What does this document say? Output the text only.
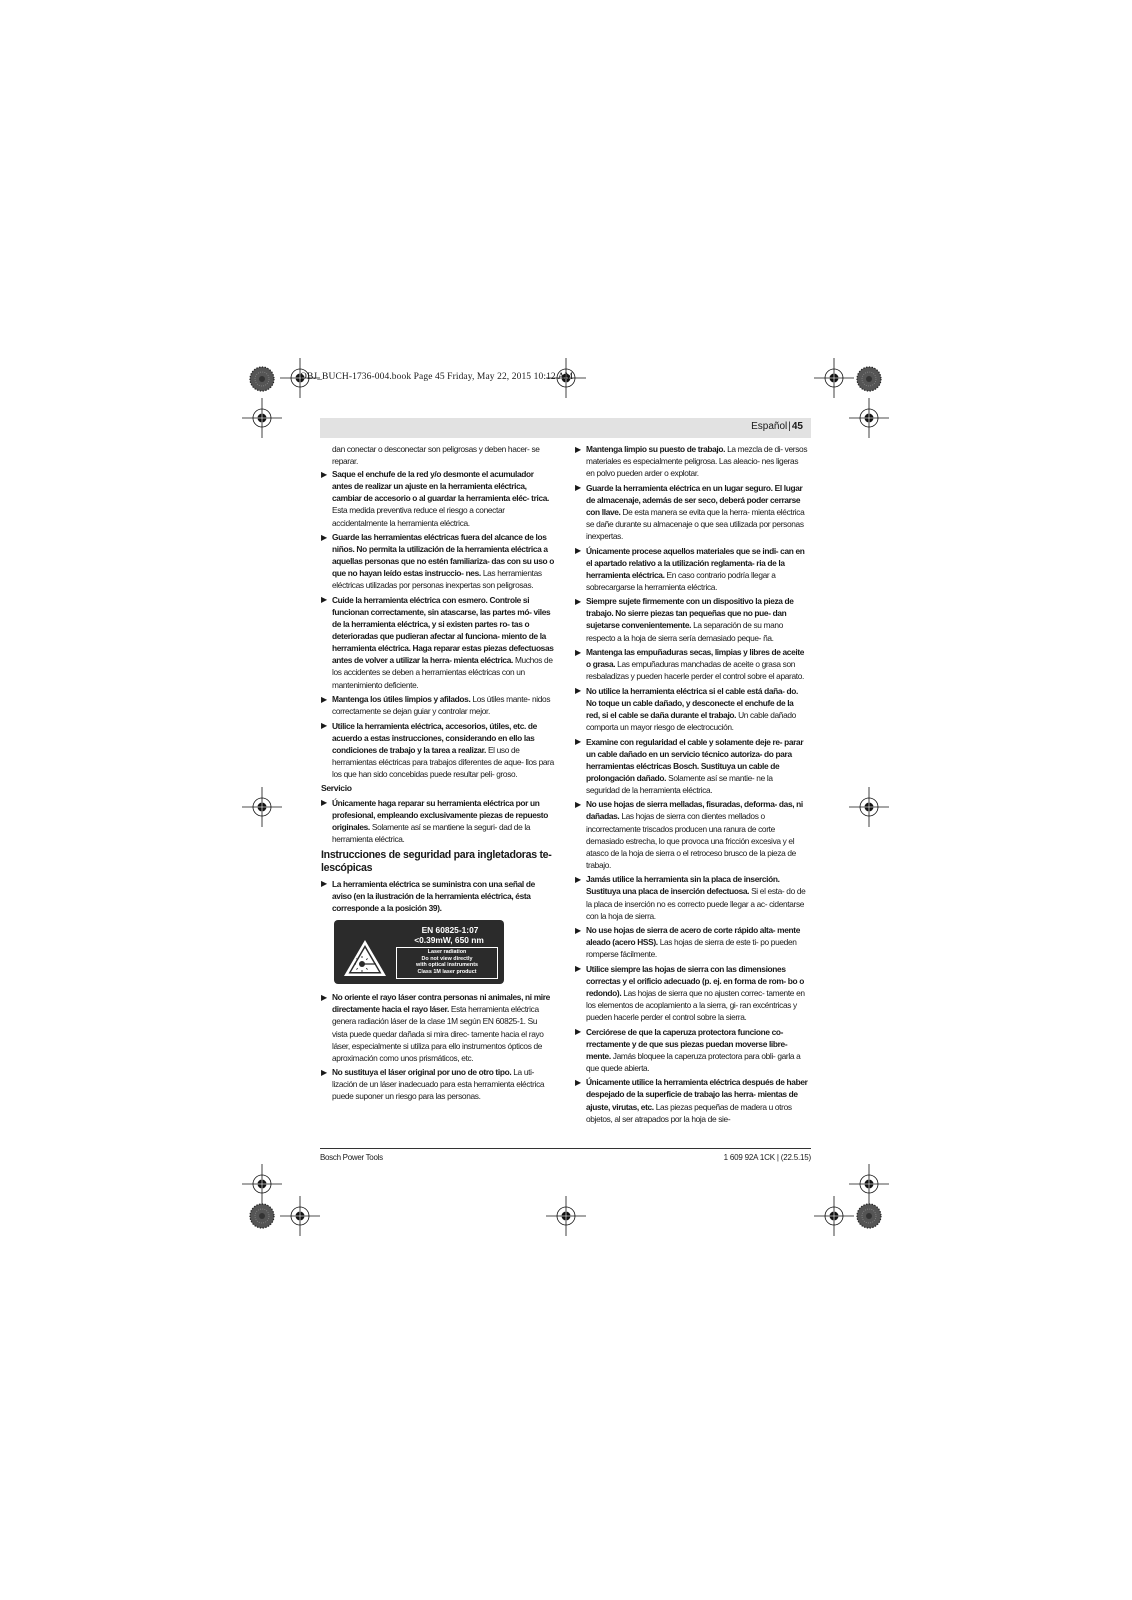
OBJ_BUCH-1736-004.book Page 45 Friday, May 22, 2015 10:12 AM
Español|45

dan conectar o desconectar son peligrosas y deben hacer- se reparar.

▶ Saque el enchufe de la red y/o desmonte el acumulador antes de realizar un ajuste en la herramienta eléctrica, cambiar de accesorio o al guardar la herramienta eléc- trica. Esta medida preventiva reduce el riesgo a conectar accidentalmente la herramienta eléctrica.

▶ Guarde las herramientas eléctricas fuera del alcance de los niños. No permita la utilización de la herramienta eléctrica a aquellas personas que no estén familiariza- das con su uso o que no hayan leído estas instruccio- nes. Las herramientas eléctricas utilizadas por personas inexpertas son peligrosas.

▶ Cuide la herramienta eléctrica con esmero. Controle si funcionan correctamente, sin atascarse, las partes mó- viles de la herramienta eléctrica, y si existen partes ro- tas o deterioradas que pudieran afectar al funciona- miento de la herramienta eléctrica. Haga reparar estas piezas defectuosas antes de volver a utilizar la herra- mienta eléctrica. Muchos de los accidentes se deben a herramientas eléctricas con un mantenimiento deficiente.

▶ Mantenga los útiles limpios y afilados. Los útiles mante- nidos correctamente se dejan guiar y controlar mejor.

▶ Utilice la herramienta eléctrica, accesorios, útiles, etc. de acuerdo a estas instrucciones, considerando en ello las condiciones de trabajo y la tarea a realizar. El uso de herramientas eléctricas para trabajos diferentes de aque- llos para los que han sido concebidas puede resultar peli- groso.

Servicio

▶ Únicamente haga reparar su herramienta eléctrica por un profesional, empleando exclusivamente piezas de repuesto originales. Solamente así se mantiene la seguri- dad de la herramienta eléctrica.

Instrucciones de seguridad para ingletadoras te- lescópicas

▶ La herramienta eléctrica se suministra con una señal de aviso (en la ilustración de la herramienta eléctrica, ésta corresponde a la posición 39).

EN 60825-1:07
<0.39mW, 650 nm
Laser radiation
Do not view directly
with optical instruments
Class 1M laser product

▶ No oriente el rayo láser contra personas ni animales, ni mire directamente hacia el rayo láser. Esta herramienta eléctrica genera radiación láser de la clase 1M según EN 60825-1. Su vista puede quedar dañada si mira direc- tamente hacia el rayo láser, especialmente si utiliza para ello instrumentos ópticos de aproximación como unos prismáticos, etc.

▶ No sustituya el láser original por uno de otro tipo. La uti- lización de un láser inadecuado para esta herramienta eléctrica puede suponer un riesgo para las personas.

▶ Mantenga limpio su puesto de trabajo. La mezcla de di- versos materiales es especialmente peligrosa. Las aleacio- nes ligeras en polvo pueden arder o explotar.

▶ Guarde la herramienta eléctrica en un lugar seguro. El lugar de almacenaje, además de ser seco, deberá poder cerrarse con llave. De esta manera se evita que la herra- mienta eléctrica se dañe durante su almacenaje o que sea utilizada por personas inexpertas.

▶ Únicamente procese aquellos materiales que se indi- can en el apartado relativo a la utilización reglamenta- ria de la herramienta eléctrica. En caso contrario podría llegar a sobrecargarse la herramienta eléctrica.

▶ Siempre sujete firmemente con un dispositivo la pieza de trabajo. No sierre piezas tan pequeñas que no pue- dan sujetarse convenientemente. La separación de su mano respecto a la hoja de sierra sería demasiado peque- ña.

▶ Mantenga las empuñaduras secas, limpias y libres de aceite o grasa. Las empuñaduras manchadas de aceite o grasa son resbaladizas y pueden hacerle perder el control sobre el aparato.

▶ No utilice la herramienta eléctrica si el cable está daña- do. No toque un cable dañado, y desconecte el enchufe de la red, si el cable se daña durante el trabajo. Un cable dañado comporta un mayor riesgo de electrocución.

▶ Examine con regularidad el cable y solamente deje re- parar un cable dañado en un servicio técnico autoriza- do para herramientas eléctricas Bosch. Sustituya un cable de prolongación dañado. Solamente así se mantie- ne la seguridad de la herramienta eléctrica.

▶ No use hojas de sierra melladas, fisuradas, deforma- das, ni dañadas. Las hojas de sierra con dientes mellados o incorrectamente triscados producen una ranura de corte demasiado estrecha, lo que provoca una fricción excesiva y el atasco de la hoja de sierra o el retroceso brusco de la pieza de trabajo.

▶ Jamás utilice la herramienta sin la placa de inserción. Sustituya una placa de inserción defectuosa. Si el esta- do de la placa de inserción no es correcto puede llegar a ac- cidentarse con la hoja de sierra.

▶ No use hojas de sierra de acero de corte rápido alta- mente aleado (acero HSS). Las hojas de sierra de este ti- po pueden romperse fácilmente.

▶ Utilice siempre las hojas de sierra con las dimensiones correctas y el orificio adecuado (p. ej. en forma de rom- bo o redondo). Las hojas de sierra que no ajusten correc- tamente en los elementos de acoplamiento a la sierra, gi- ran excéntricas y pueden hacerle perder el control sobre la sierra.

▶ Cerciórese de que la caperuza protectora funcione co- rrectamente y de que sus piezas puedan moverse libre- mente. Jamás bloquee la caperuza protectora para obli- garla a que quede abierta.

▶ Únicamente utilice la herramienta eléctrica después de haber despejado de la superficie de trabajo las herra- mientas de ajuste, virutas, etc. Las piezas pequeñas de madera u otros objetos, al ser atrapados por la hoja de sie-

Bosch Power Tools	1 609 92A 1CK | (22.5.15)
